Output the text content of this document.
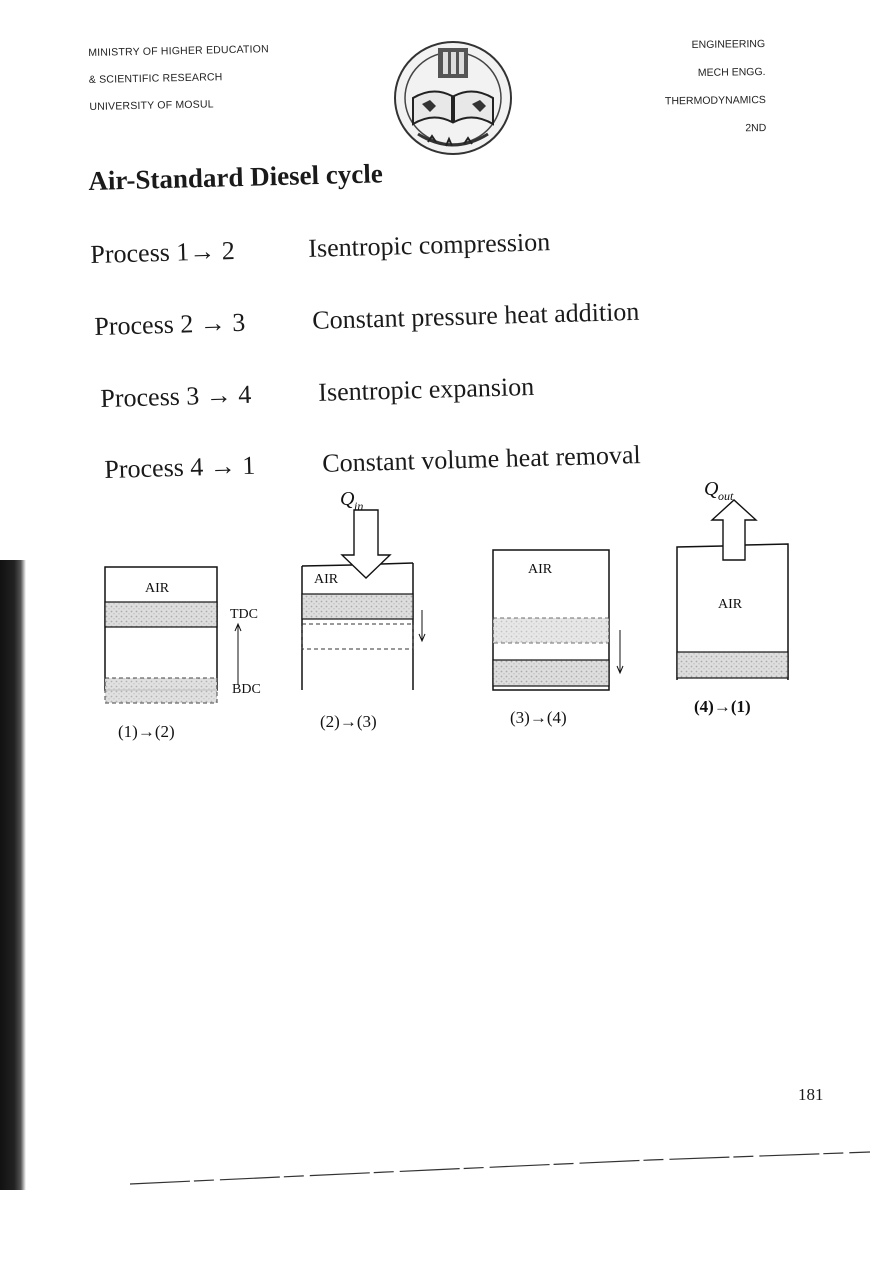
MINISTRY OF HIGHER EDUCATION
& SCIENTIFIC RESEARCH
UNIVERSITY OF MOSUL
ENGINEERING
MECH ENGG.
THERMODYNAMICS
2ND
Air-Standard Diesel cycle
Process 1→ 2	Isentropic compression
Process 2 → 3	Constant pressure heat addition
Process 3 → 4	Isentropic expansion
Process 4 → 1	Constant volume heat removal
AIR
TDC
BDC
(1)→(2)
Q in
AIR
(2)→(3)
AIR
(3)→(4)
Q out
AIR
(4)→(1)
181
